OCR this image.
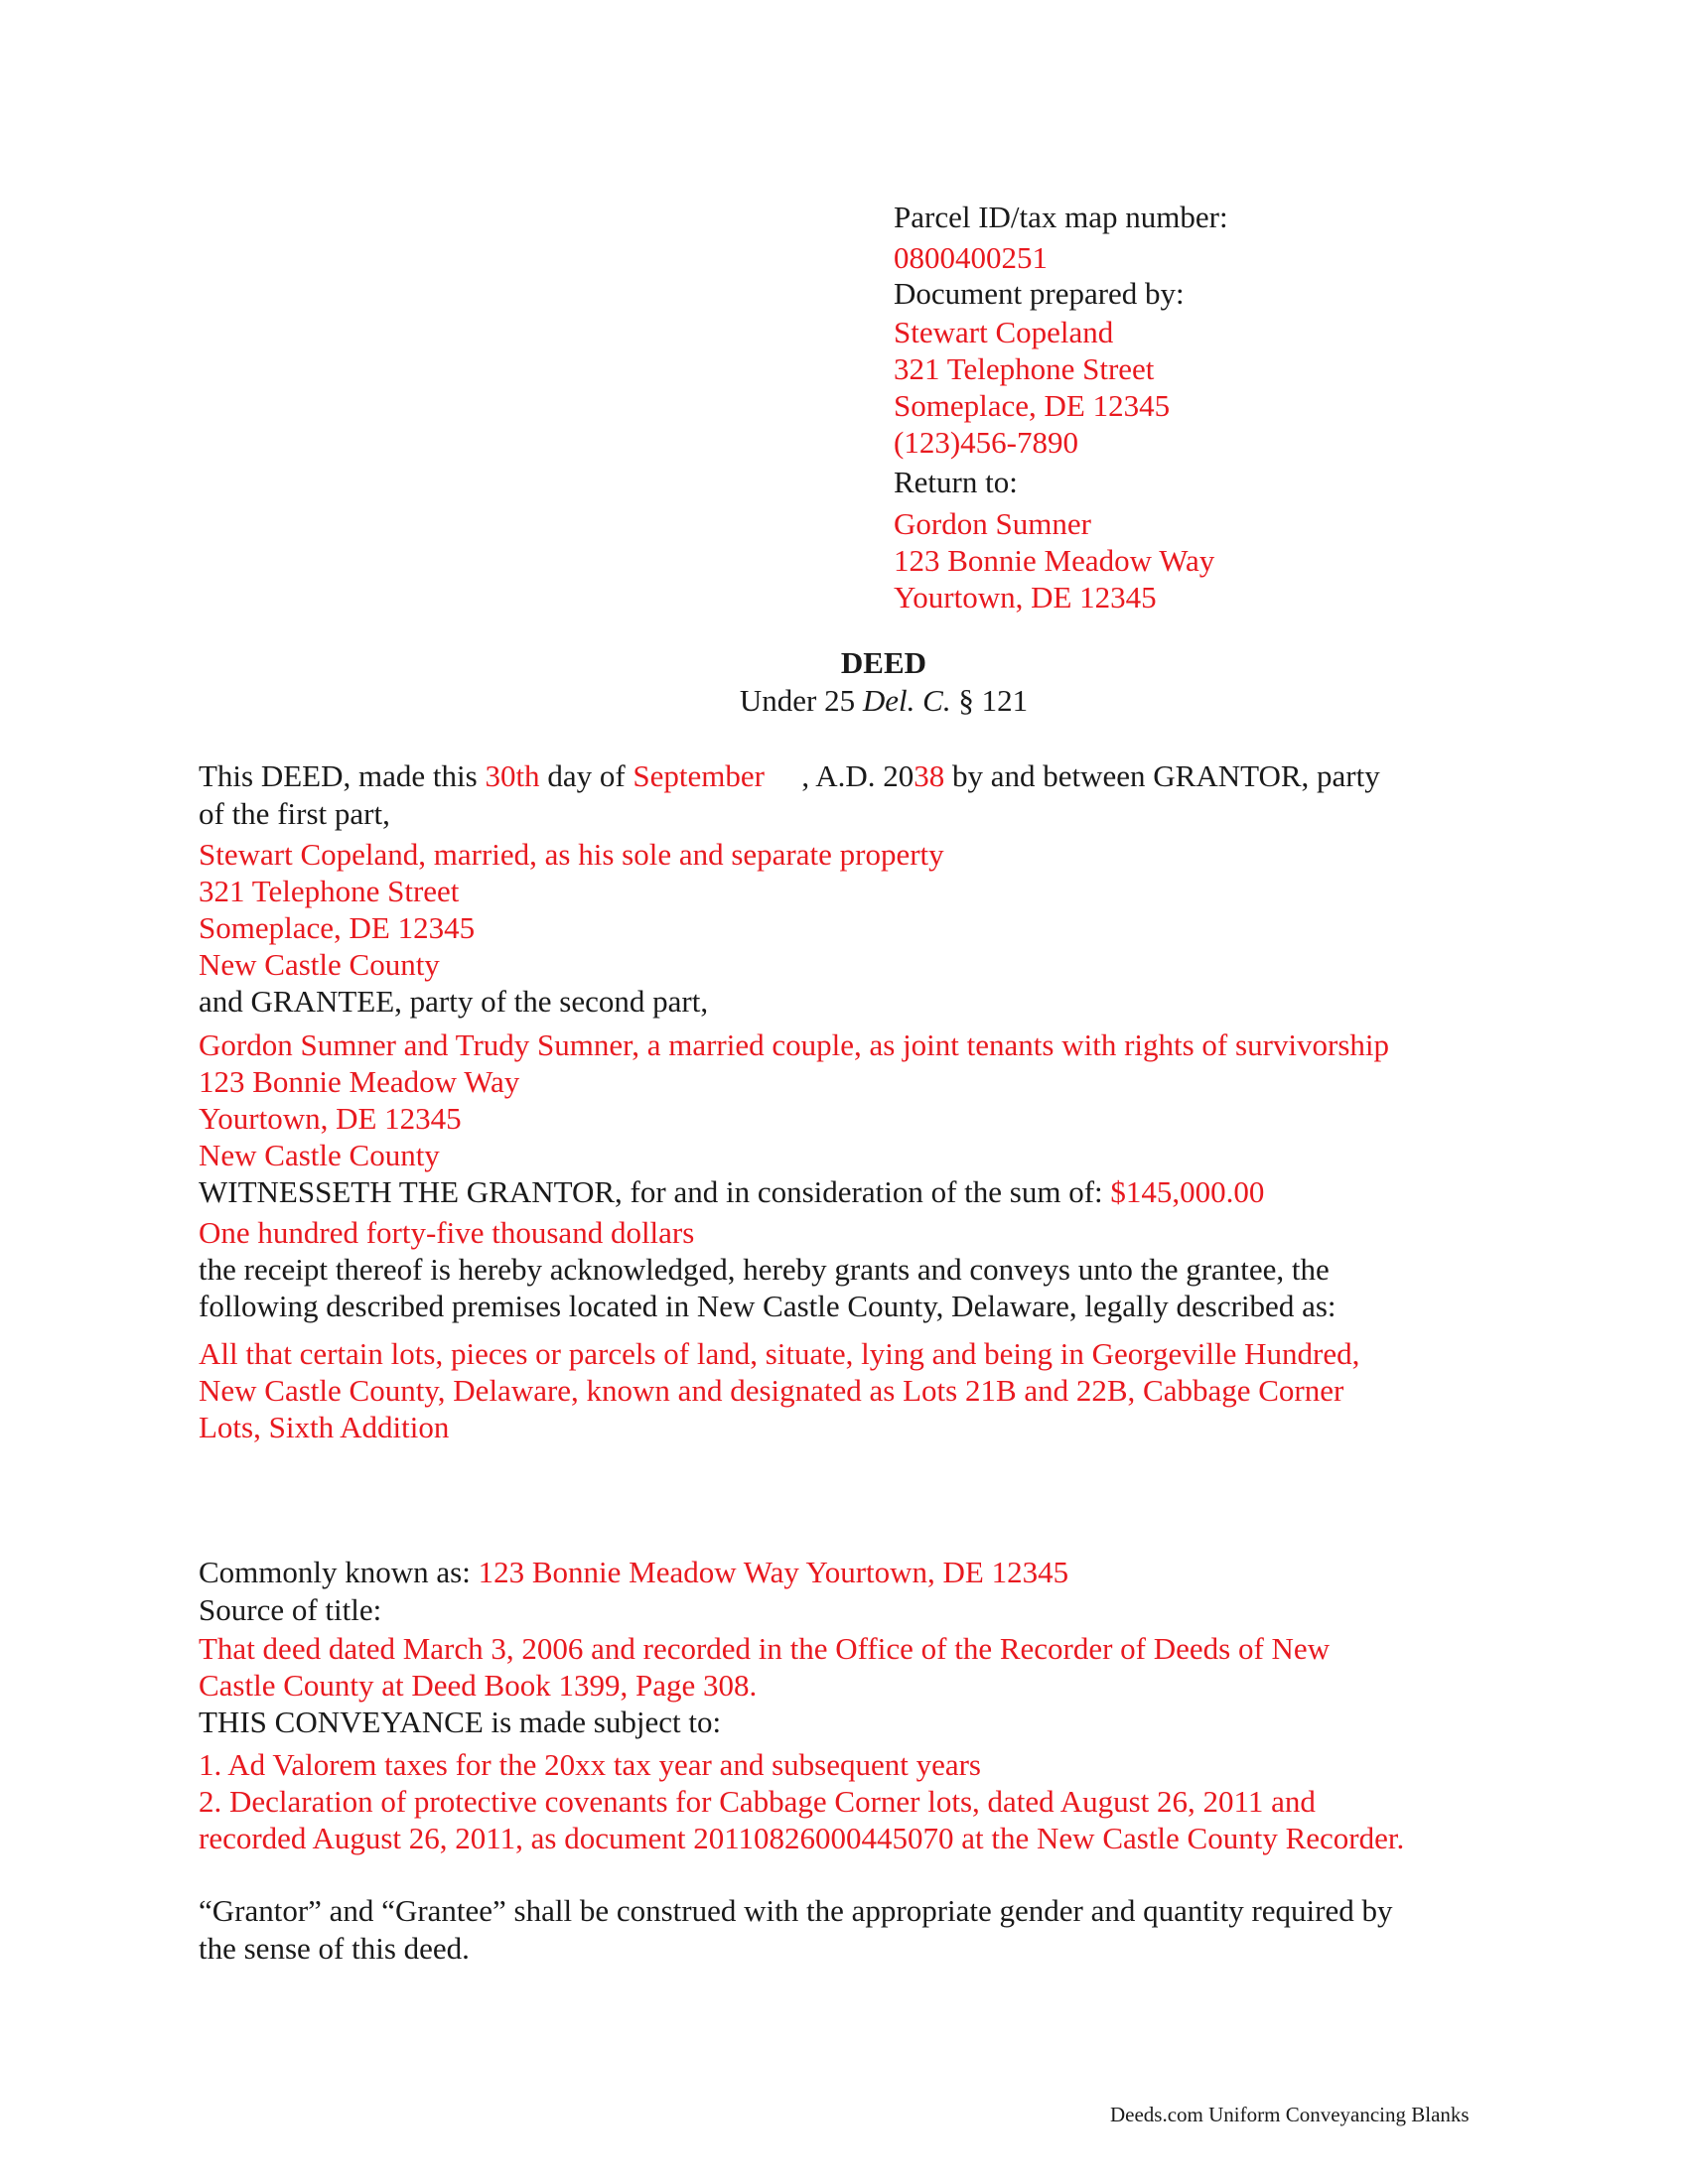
Parcel ID/tax map number:
0800400251
Document prepared by:
Stewart Copeland
321 Telephone Street
Someplace, DE 12345
(123)456-7890
Return to:
Gordon Sumner
123 Bonnie Meadow Way
Yourtown, DE 12345
DEED
Under 25 Del. C. § 121
This DEED, made this 30th day of September , A.D. 2038 by and between GRANTOR, party
of the first part,
Stewart Copeland, married, as his sole and separate property
321 Telephone Street
Someplace, DE 12345
New Castle County
and GRANTEE, party of the second part,
Gordon Sumner and Trudy Sumner, a married couple, as joint tenants with rights of survivorship
123 Bonnie Meadow Way
Yourtown, DE 12345
New Castle County
WITNESSETH THE GRANTOR, for and in consideration of the sum of: $145,000.00
One hundred forty-five thousand dollars
the receipt thereof is hereby acknowledged, hereby grants and conveys unto the grantee, the
following described premises located in New Castle County, Delaware, legally described as:
All that certain lots, pieces or parcels of land, situate, lying and being in Georgeville Hundred,
New Castle County, Delaware, known and designated as Lots 21B and 22B, Cabbage Corner
Lots, Sixth Addition
Commonly known as: 123 Bonnie Meadow Way Yourtown, DE 12345
Source of title:
That deed dated March 3, 2006 and recorded in the Office of the Recorder of Deeds of New
Castle County at Deed Book 1399, Page 308.
THIS CONVEYANCE is made subject to:
1. Ad Valorem taxes for the 20xx tax year and subsequent years
2. Declaration of protective covenants for Cabbage Corner lots, dated August 26, 2011 and
recorded August 26, 2011, as document 20110826000445070 at the New Castle County Recorder.
“Grantor” and “Grantee” shall be construed with the appropriate gender and quantity required by
the sense of this deed.
Deeds.com Uniform Conveyancing Blanks
